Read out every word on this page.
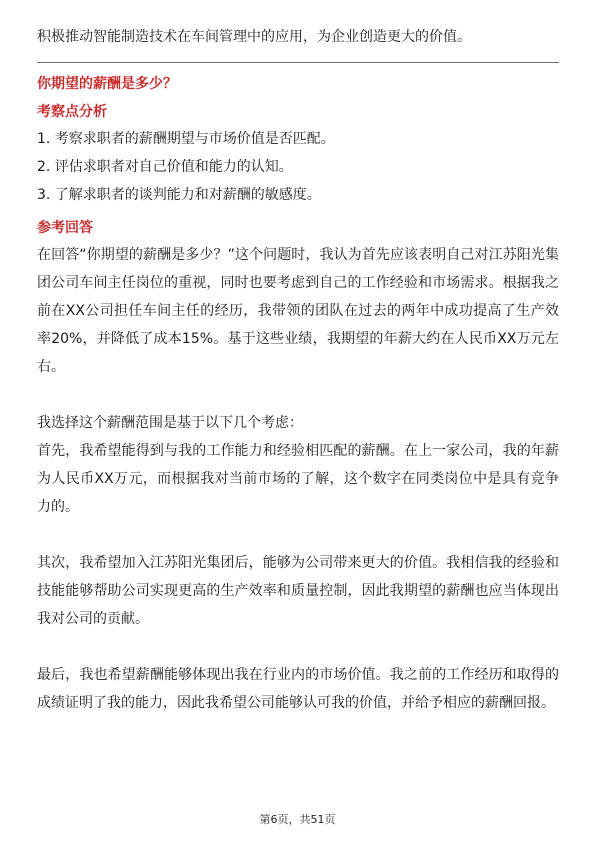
积极推动智能制造技术在车间管理中的应用，为企业创造更大的价值。

你期望的薪酬是多少？

考察点分析

1. 考察求职者的薪酬期望与市场价值是否匹配。

2. 评估求职者对自己价值和能力的认知。

3. 了解求职者的谈判能力和对薪酬的敏感度。

参考回答

在回答“你期望的薪酬是多少？”这个问题时，我认为首先应该表明自己对江苏阳光集团公司车间主任岗位的重视，同时也要考虑到自己的工作经验和市场需求。根据我之前在XX公司担任车间主任的经历，我带领的团队在过去的两年中成功提高了生产效率20%，并降低了成本15%。基于这些业绩，我期望的年薪大约在人民币XX万元左右。

我选择这个薪酬范围是基于以下几个考虑：

首先，我希望能得到与我的工作能力和经验相匹配的薪酬。在上一家公司，我的年薪为人民币XX万元，而根据我对当前市场的了解，这个数字在同类岗位中是具有竞争力的。

其次，我希望加入江苏阳光集团后，能够为公司带来更大的价值。我相信我的经验和技能能够帮助公司实现更高的生产效率和质量控制，因此我期望的薪酬也应当体现出我对公司的贡献。

最后，我也希望薪酬能够体现出我在行业内的市场价值。我之前的工作经历和取得的成绩证明了我的能力，因此我希望公司能够认可我的价值，并给予相应的薪酬回报。

第6页，共51页
